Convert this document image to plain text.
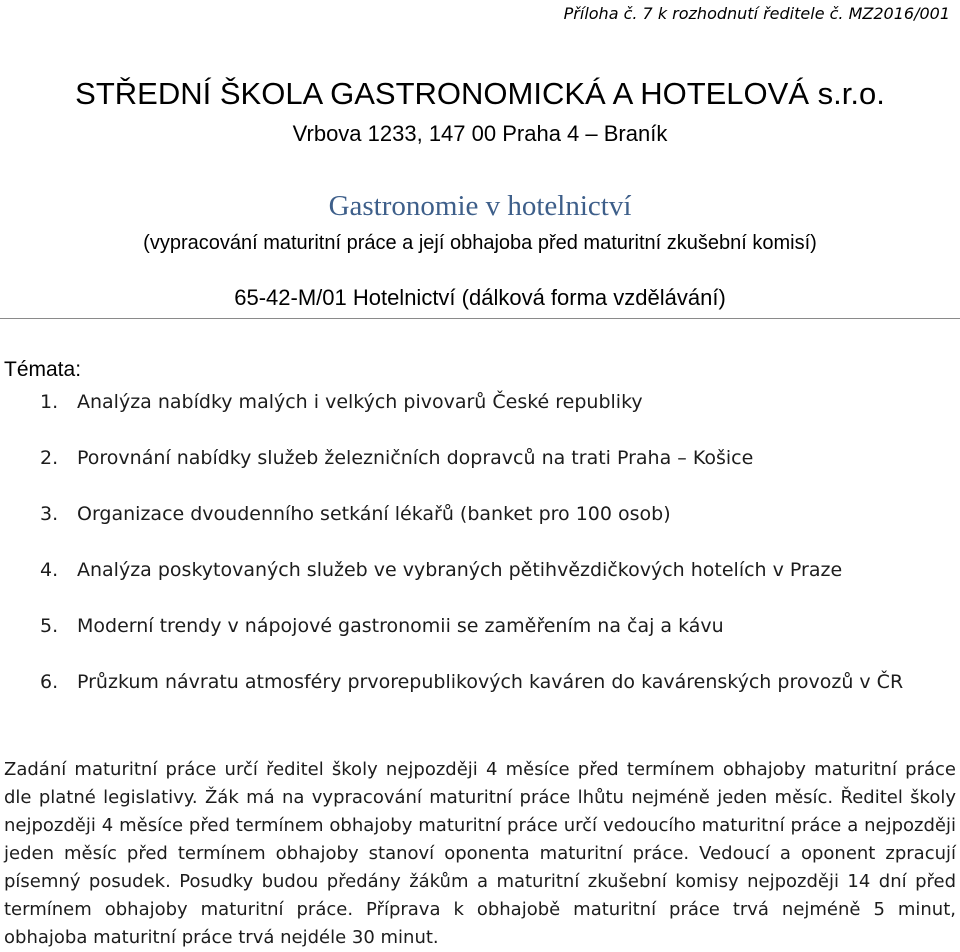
Příloha č. 7 k rozhodnutí ředitele č. MZ2016/001
STŘEDNÍ ŠKOLA GASTRONOMICKÁ A HOTELOVÁ s.r.o.
Vrbova 1233, 147 00 Praha 4 – Braník
Gastronomie v hotelnictví
(vypracování maturitní práce a její obhajoba před maturitní zkušební komisí)
65-42-M/01 Hotelnictví (dálková forma vzdělávání)
Témata:
1. Analýza nabídky malých i velkých pivovarů České republiky
2. Porovnání nabídky služeb železničních dopravců na trati Praha – Košice
3. Organizace dvoudenního setkání lékařů (banket pro 100 osob)
4. Analýza poskytovaných služeb ve vybraných pětihvězdičkových hotelích v Praze
5. Moderní trendy v nápojové gastronomii se zaměřením na čaj a kávu
6. Průzkum návratu atmosféry prvorepublikových kaváren do kavárenských provozů v ČR

Zadání maturitní práce určí ředitel školy nejpozději 4 měsíce před termínem obhajoby maturitní práce dle platné legislativy. Žák má na vypracování maturitní práce lhůtu nejméně jeden měsíc. Ředitel školy nejpozději 4 měsíce před termínem obhajoby maturitní práce určí vedoucího maturitní práce a nejpozději jeden měsíc před termínem obhajoby stanoví oponenta maturitní práce. Vedoucí a oponent zpracují písemný posudek. Posudky budou předány žákům a maturitní zkušební komisy nejpozději 14 dní před termínem obhajoby maturitní práce. Příprava k obhajobě maturitní práce trvá nejméně 5 minut, obhajoba maturitní práce trvá nejdéle 30 minut.
